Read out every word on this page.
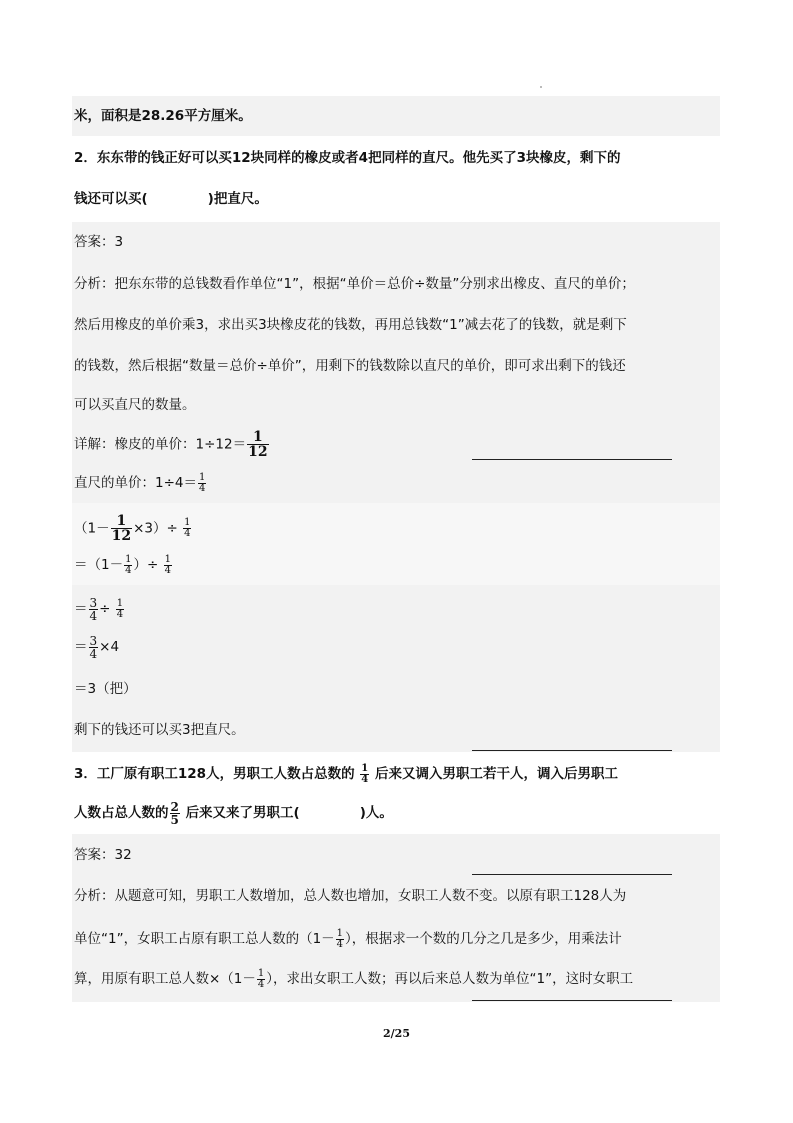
米，面积是28.26平方厘米。
2．东东带的钱正好可以买12块同样的橡皮或者4把同样的直尺。他先买了3块橡皮，剩下的
钱还可以买(	)把直尺。
答案：3
分析：把东东带的总钱数看作单位“1”，根据“单价＝总价÷数量”分别求出橡皮、直尺的单价；
然后用橡皮的单价乘3，求出买3块橡皮花的钱数，再用总钱数“1”减去花了的钱数，就是剩下
的钱数，然后根据“数量＝总价÷单价”，用剩下的钱数除以直尺的单价，即可求出剩下的钱还
可以买直尺的数量。
详解：橡皮的单价：$1\div 12= \frac{1}{12}$
直尺的单价：$1\div 4= \frac{1}{4}$
$(1- \frac{1}{12} \times 3)\div \frac{1}{4}$
$=(1- \frac{1}{4}$ ）÷ $\frac{1}{4}$
＝ $\frac{3}{4} \div \frac{1}{4}$
＝ $\frac{3}{4} \times 4$
＝3（把）
剩下的钱还可以买3把直尺。
3．工厂原有职工128人，男职工人数占总数的 $\frac{1}{4}$ 后来又调入男职工若干人，调入后男职工
人数占总人数的 $\frac{2}{5}$ 后来又来了男职工(	)人。
答案：32
分析：从题意可知，男职工人数增加，总人数也增加，女职工人数不变。以原有职工128人为
单位“1”，女职工占原有职工总人数的（$1- \frac{1}{4}$ ），根据求一个数的几分之几是多少，用乘法计
算，用原有职工总人数$\times(1- \frac{1}{4}$ ），求出女职工人数；再以后来总人数为单位“1”，这时女职工
2/25
